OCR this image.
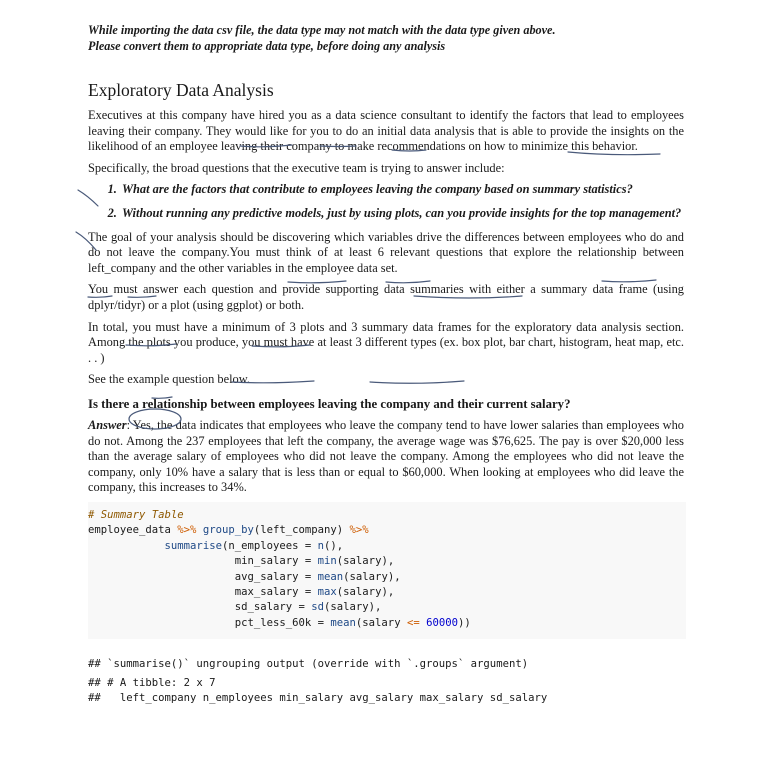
While importing the data csv file, the data type may not match with the data type given above.

Please convert them to appropriate data type, before doing any analysis

Exploratory Data Analysis

Executives at this company have hired you as a data science consultant to identify the factors that lead to employees leaving their company. They would like for you to do an initial data analysis that is able to provide the insights on the likelihood of an employee leaving their company to make recommendations on how to minimize this behavior.

Specifically, the broad questions that the executive team is trying to answer include:

1. What are the factors that contribute to employees leaving the company based on summary statistics?
2. Without running any predictive models, just by using plots, can you provide insights for the top management?

The goal of your analysis should be discovering which variables drive the differences between employees who do and do not leave the company.You must think of at least 6 relevant questions that explore the relationship between left_company and the other variables in the employee data set.

You must answer each question and provide supporting data summaries with either a summary data frame (using dplyr/tidyr) or a plot (using ggplot) or both.

In total, you must have a minimum of 3 plots and 3 summary data frames for the exploratory data analysis section. Among the plots you produce, you must have at least 3 different types (ex. box plot, bar chart, histogram, heat map, etc. . . )

See the example question below.

Is there a relationship between employees leaving the company and their current salary?

Answer: Yes, the data indicates that employees who leave the company tend to have lower salaries than employees who do not. Among the 237 employees that left the company, the average wage was $76,625. The pay is over $20,000 less than the average salary of employees who did not leave the company. Among the employees who did not leave the company, only 10% have a salary that is less than or equal to $60,000. When looking at employees who did leave the company, this increases to 34%.

# Summary Table
employee_data %>% group_by(left_company) %>%
summarise(n_employees = n(),
min_salary = min(salary),
avg_salary = mean(salary),
max_salary = max(salary),
sd_salary = sd(salary),
pct_less_60k = mean(salary <= 60000))
## `summarise()` ungrouping output (override with `.groups` argument)
## # A tibble: 2 x 7
##   left_company n_employees min_salary avg_salary max_salary sd_salary
